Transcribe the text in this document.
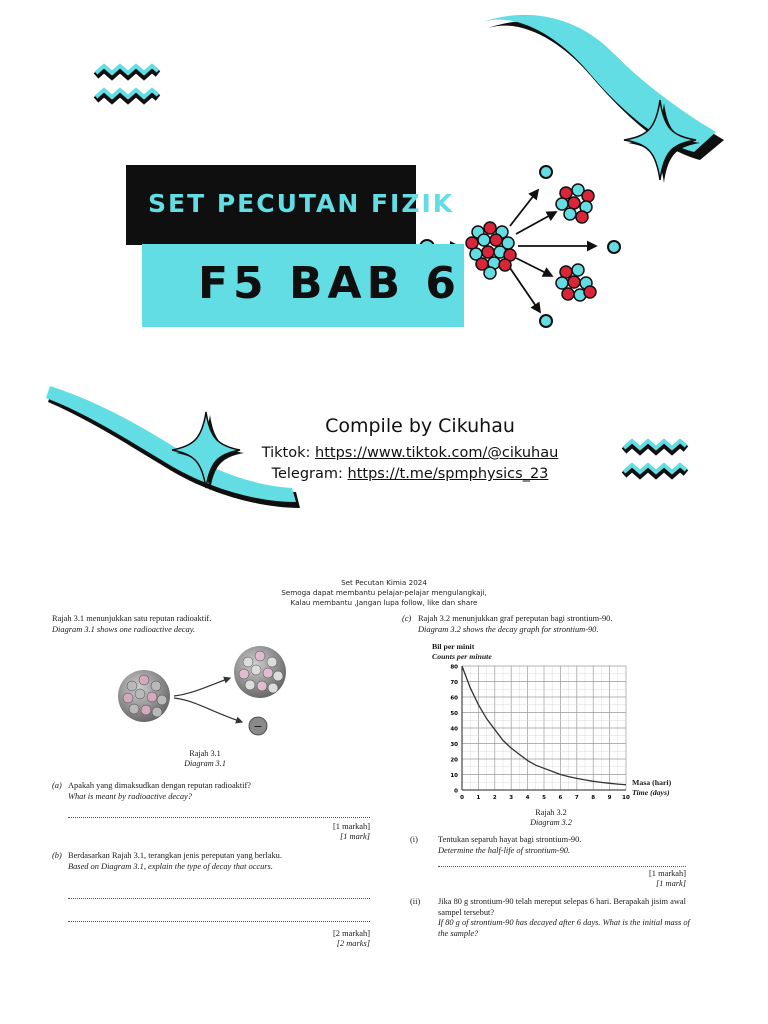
SET PECUTAN FIZIK
F5 BAB 6
Compile by Cikuhau
Tiktok: https://www.tiktok.com/@cikuhau
Telegram: https://t.me/spmphysics_23
Set Pecutan Kimia 2024
Semoga dapat membantu pelajar-pelajar mengulangkaji,
Kalau membantu ,Jangan lupa follow, like dan share
Rajah 3.1 menunjukkan satu reputan radioaktif.
Diagram 3.1 shows one radioactive decay.
−
Rajah 3.1
Diagram 3.1
(a) Apakah yang dimaksudkan dengan reputan radioaktif?
What is meant by radioactive decay?
[1 markah]
[1 mark]
(b) Berdasarkan Rajah 3.1, terangkan jenis pereputan yang berlaku.
Based on Diagram 3.1, explain the type of decay that occurs.
[2 markah]
[2 marks]
(c) Rajah 3.2 menunjukkan graf pereputan bagi strontium-90.
Diagram 3.2 shows the decay graph for strontium-90.
Bil per minit
Counts per minute
0
10
20
30
40
50
60
70
80
0 1 2 3 4 5 6 7 8 9 10
Masa (hari)
Time (days)
Rajah 3.2
Diagram 3.2
(i) Tentukan separuh hayat bagi strontium-90.
Determine the half-life of strontium-90.
[1 markah]
[1 mark]
(ii) Jika 80 g strontium-90 telah mereput selepas 6 hari. Berapakah jisim awal sampel tersebut?
If 80 g of strontium-90 has decayed after 6 days. What is the initial mass of the sample?
